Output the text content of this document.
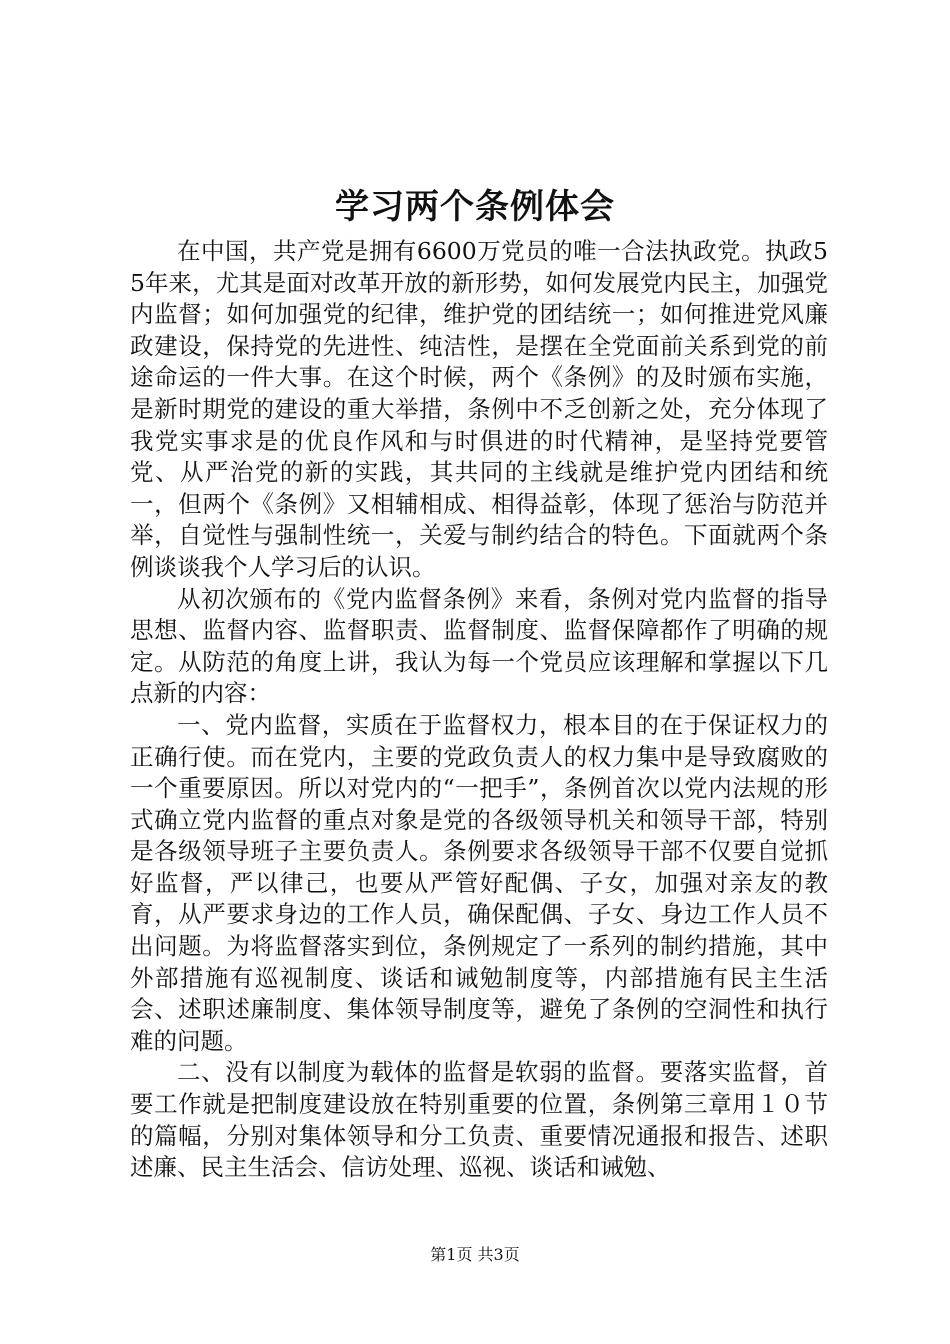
学习两个条例体会

在中国，共产党是拥有6600万党员的唯一合法执政党。执政55年来，尤其是面对改革开放的新形势，如何发展党内民主，加强党内监督；如何加强党的纪律，维护党的团结统一；如何推进党风廉政建设，保持党的先进性、纯洁性，是摆在全党面前关系到党的前途命运的一件大事。在这个时候，两个《条例》的及时颁布实施，是新时期党的建设的重大举措，条例中不乏创新之处，充分体现了我党实事求是的优良作风和与时俱进的时代精神，是坚持党要管党、从严治党的新的实践，其共同的主线就是维护党内团结和统一，但两个《条例》又相辅相成、相得益彰，体现了惩治与防范并举，自觉性与强制性统一，关爱与制约结合的特色。下面就两个条例谈谈我个人学习后的认识。

从初次颁布的《党内监督条例》来看，条例对党内监督的指导思想、监督内容、监督职责、监督制度、监督保障都作了明确的规定。从防范的角度上讲，我认为每一个党员应该理解和掌握以下几点新的内容：

一、党内监督，实质在于监督权力，根本目的在于保证权力的正确行使。而在党内，主要的党政负责人的权力集中是导致腐败的一个重要原因。所以对党内的“一把手”，条例首次以党内法规的形式确立党内监督的重点对象是党的各级领导机关和领导干部，特别是各级领导班子主要负责人。条例要求各级领导干部不仅要自觉抓好监督，严以律己，也要从严管好配偶、子女，加强对亲友的教育，从严要求身边的工作人员，确保配偶、子女、身边工作人员不出问题。为将监督落实到位，条例规定了一系列的制约措施，其中外部措施有巡视制度、谈话和诫勉制度等，内部措施有民主生活会、述职述廉制度、集体领导制度等，避免了条例的空洞性和执行难的问题。

二、没有以制度为载体的监督是软弱的监督。要落实监督，首要工作就是把制度建设放在特别重要的位置，条例第三章用１０节的篇幅，分别对集体领导和分工负责、重要情况通报和报告、述职述廉、民主生活会、信访处理、巡视、谈话和诫勉、

第1页 共3页
